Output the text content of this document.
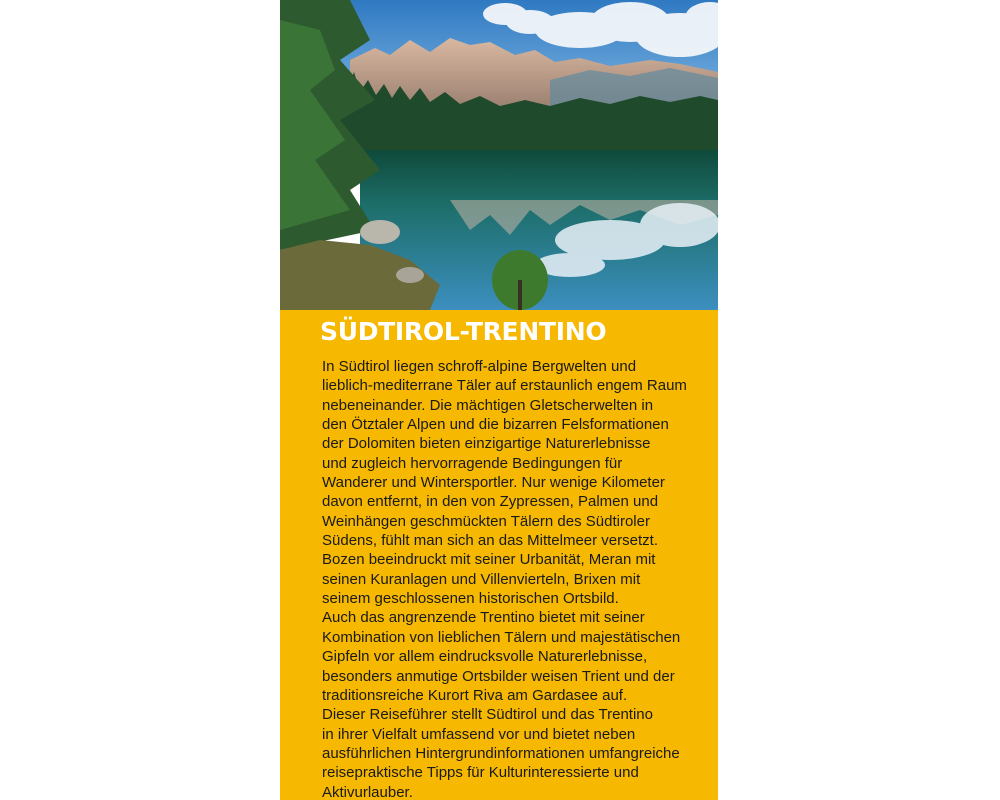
SÜDTIROL-TRENTINO
In Südtirol liegen schroff-alpine Bergwelten und
lieblich-mediterrane Täler auf erstaunlich engem Raum
nebeneinander. Die mächtigen Gletscherwelten in
den Ötztaler Alpen und die bizarren Felsformationen
der Dolomiten bieten einzigartige Naturerlebnisse
und zugleich hervorragende Bedingungen für
Wanderer und Wintersportler. Nur wenige Kilometer
davon entfernt, in den von Zypressen, Palmen und
Weinhängen geschmückten Tälern des Südtiroler
Südens, fühlt man sich an das Mittelmeer versetzt.
Bozen beeindruckt mit seiner Urbanität, Meran mit
seinen Kuranlagen und Villenvierteln, Brixen mit
seinem geschlossenen historischen Ortsbild.
Auch das angrenzende Trentino bietet mit seiner
Kombination von lieblichen Tälern und majestätischen
Gipfeln vor allem eindrucksvolle Naturerlebnisse,
besonders anmutige Ortsbilder weisen Trient und der
traditionsreiche Kurort Riva am Gardasee auf.
Dieser Reiseführer stellt Südtirol und das Trentino
in ihrer Vielfalt umfassend vor und bietet neben
ausführlichen Hintergrundinformationen umfangreiche
reisepraktische Tipps für Kulturinteressierte und
Aktivurlauber.
